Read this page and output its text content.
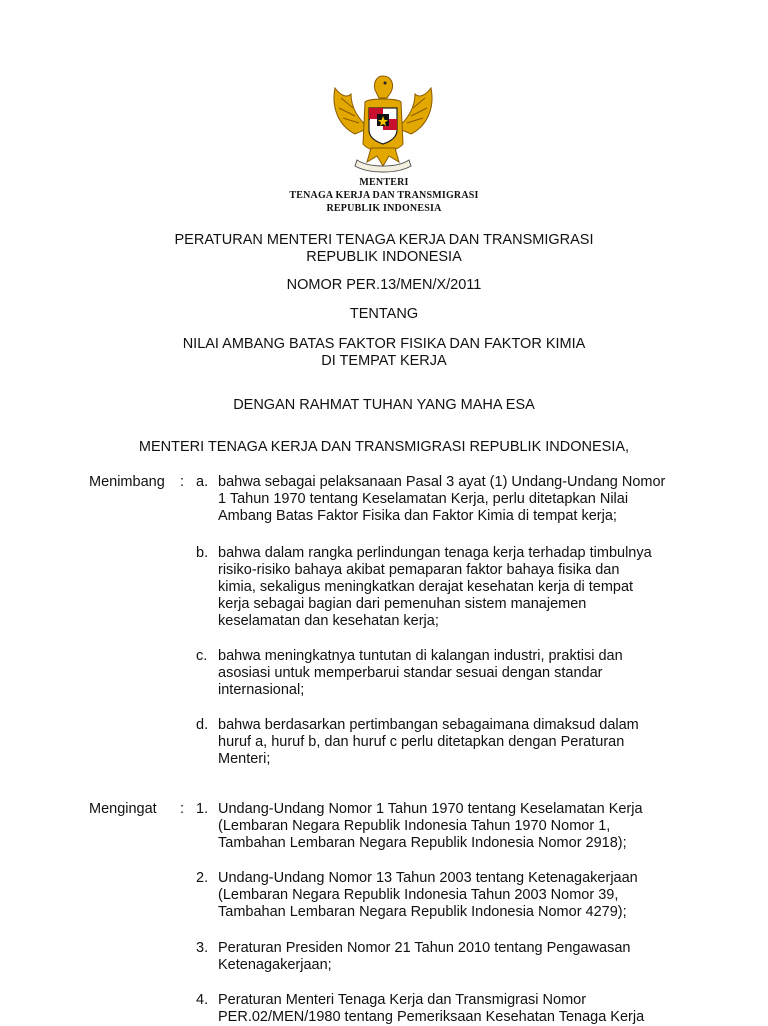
MENTERI
TENAGA KERJA DAN TRANSMIGRASI
REPUBLIK INDONESIA
PERATURAN MENTERI TENAGA KERJA DAN TRANSMIGRASI
REPUBLIK INDONESIA
NOMOR PER.13/MEN/X/2011
TENTANG
NILAI AMBANG BATAS FAKTOR FISIKA DAN FAKTOR KIMIA
DI TEMPAT KERJA
DENGAN RAHMAT TUHAN YANG MAHA ESA
MENTERI TENAGA KERJA DAN TRANSMIGRASI REPUBLIK INDONESIA,
Menimbang : a. bahwa sebagai pelaksanaan Pasal 3 ayat (1) Undang-Undang Nomor
1 Tahun 1970 tentang Keselamatan Kerja, perlu ditetapkan Nilai
Ambang Batas Faktor Fisika dan Faktor Kimia di tempat kerja;
b. bahwa dalam rangka perlindungan tenaga kerja terhadap timbulnya
risiko-risiko bahaya akibat pemaparan faktor bahaya fisika dan
kimia, sekaligus meningkatkan derajat kesehatan kerja di tempat
kerja sebagai bagian dari pemenuhan sistem manajemen
keselamatan dan kesehatan kerja;
c. bahwa meningkatnya tuntutan di kalangan industri, praktisi dan
asosiasi untuk memperbarui standar sesuai dengan standar
internasional;
d. bahwa berdasarkan pertimbangan sebagaimana dimaksud dalam
huruf a, huruf b, dan huruf c perlu ditetapkan dengan Peraturan
Menteri;
Mengingat : 1. Undang-Undang Nomor 1 Tahun 1970 tentang Keselamatan Kerja
(Lembaran Negara Republik Indonesia Tahun 1970 Nomor 1,
Tambahan Lembaran Negara Republik Indonesia Nomor 2918);
2. Undang-Undang Nomor 13 Tahun 2003 tentang Ketenagakerjaan
(Lembaran Negara Republik Indonesia Tahun 2003 Nomor 39,
Tambahan Lembaran Negara Republik Indonesia Nomor 4279);
3. Peraturan Presiden Nomor 21 Tahun 2010 tentang Pengawasan
Ketenagakerjaan;
4. Peraturan Menteri Tenaga Kerja dan Transmigrasi Nomor
PER.02/MEN/1980 tentang Pemeriksaan Kesehatan Tenaga Kerja
